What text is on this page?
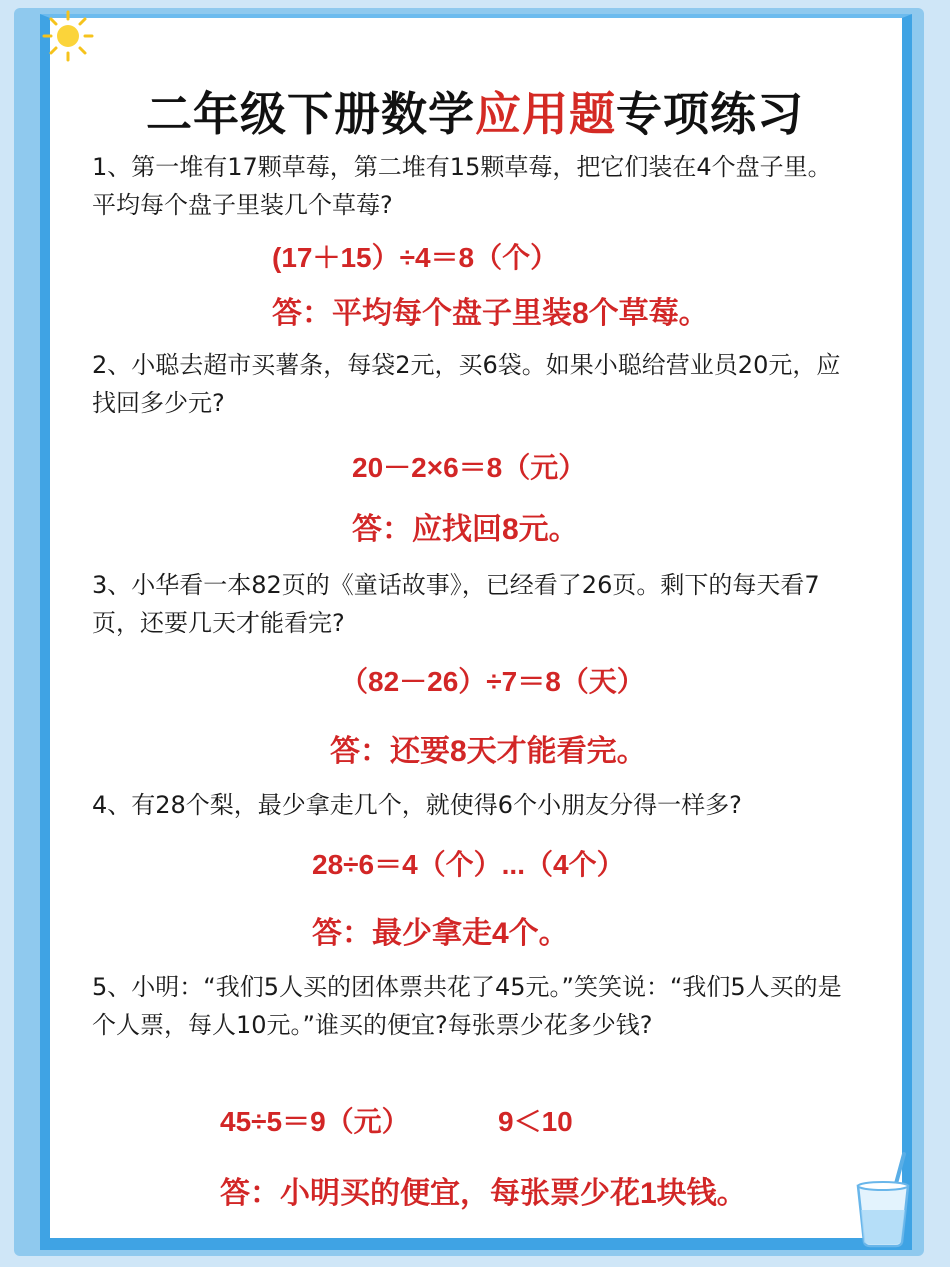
二年级下册数学应用题专项练习
1、第一堆有17颗草莓，第二堆有15颗草莓，把它们装在4个盘子里。平均每个盘子里装几个草莓?
(17＋15）÷4＝8（个）
答：平均每个盘子里装8个草莓。
2、小聪去超市买薯条，每袋2元，买6袋。如果小聪给营业员20元，应找回多少元?
20－2×6＝8（元）
答：应找回8元。
3、小华看一本82页的《童话故事》，已经看了26页。剩下的每天看7页，还要几天才能看完?
（82－26）÷7＝8（天）
答：还要8天才能看完。
4、有28个梨，最少拿走几个，就使得6个小朋友分得一样多?
28÷6＝4（个）...（4个）
答：最少拿走4个。
5、小明：“我们5人买的团体票共花了45元。”笑笑说：“我们5人买的是个人票，每人10元。”谁买的便宜?每张票少花多少钱?
45÷5＝9（元）	9＜10
答：小明买的便宜，每张票少花1块钱。
